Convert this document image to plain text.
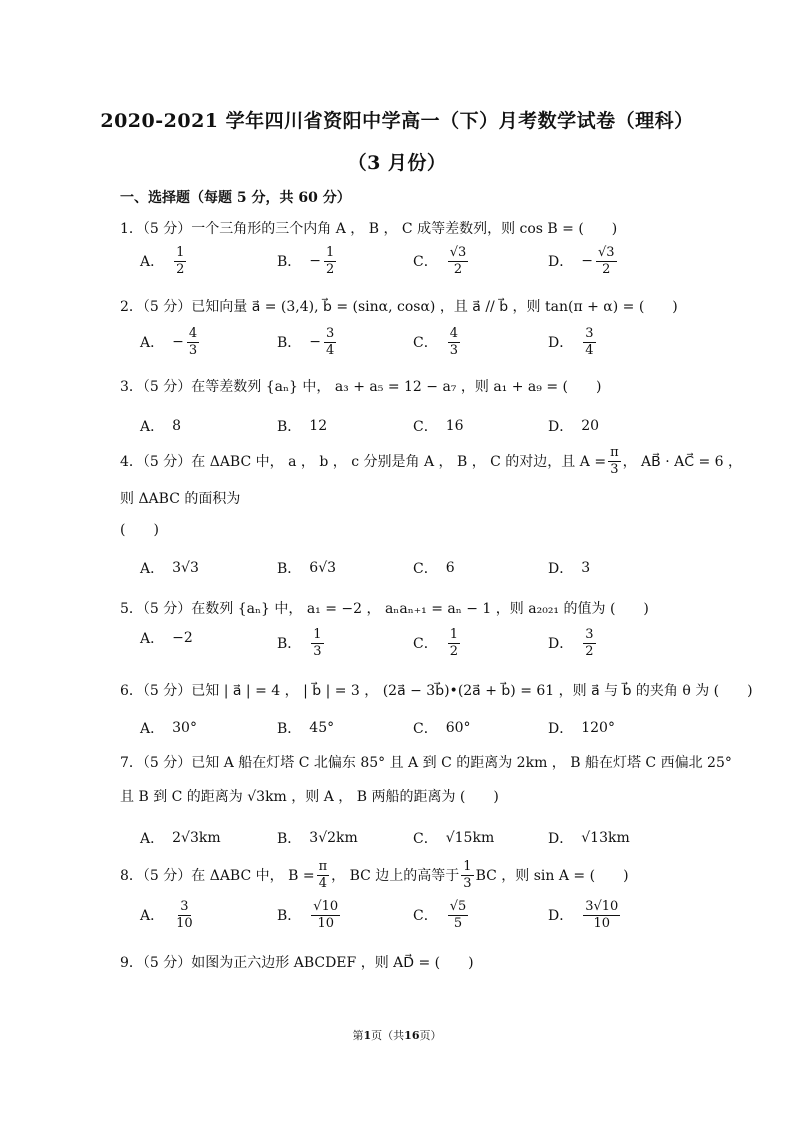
2020-2021 学年四川省资阳中学高一（下）月考数学试卷（理科）
（3 月份）
一、选择题（每题 5 分，共 60 分）
1．（5 分）一个三角形的三个内角 A ， B ， C 成等差数列，则 cos B = (　　)
A． $\frac{1}{2}$	B． − $\frac{1}{2}$	C． $\frac{√3}{2}$	D． − $\frac{√3}{2}$
2．（5 分）已知向量 a⃗ = (3,4), b⃗ = (sinα, cosα) ，且 a⃗ // b⃗ ，则 tan(π + α) = (　　)
A． − $\frac{4}{3}$	B． − $\frac{3}{4}$	C． $\frac{4}{3}$	D． $\frac{3}{4}$
3．（5 分）在等差数列 {aₙ} 中， a₃ + a₅ = 12 − a₇ ，则 a₁ + a₉ = (　　)
A． 8	B． 12	C． 16	D． 20
4．（5 分）在 ΔABC 中， a ， b ， c 分别是角 A ， B ， C 的对边，且 $A = \frac{\pi}{3}$ ， AB⃗ · AC⃗ = 6 ，
则 ΔABC 的面积为
(　　)
A． 3√3	B． 6√3	C． 6	D． 3
5．（5 分）在数列 {aₙ} 中， a₁ = −2 ， aₙaₙ₊₁ = aₙ − 1 ，则 a₂₀₂₁ 的值为 (　　)
A． −2	B． $\frac{1}{3}$	C． $\frac{1}{2}$	D． $\frac{3}{2}$
6．（5 分）已知 | a⃗ | = 4 ， | b⃗ | = 3 ， (2a⃗ − 3b⃗)•(2a⃗ + b⃗) = 61 ，则 a⃗ 与 b⃗ 的夹角 θ 为 (　　)
A． 30°	B． 45°	C． 60°	D． 120°
7．（5 分）已知 A 船在灯塔 C 北偏东 85° 且 A 到 C 的距离为 2km ， B 船在灯塔 C 西偏北 25°
且 B 到 C 的距离为 √3km ，则 A ， B 两船的距离为 (　　)
A． 2√3km	B． 3√2km	C． √15km	D． √13km
8．（5 分）在 ΔABC 中， $B = \frac{\pi}{4}$ ， BC 边上的高等于 $\frac{1}{3}$ BC ，则 sin A = (　　)
A． $\frac{3}{10}$	B． $\frac{√10}{10}$	C． $\frac{√5}{5}$	D． $\frac{3√10}{10}$
9．（5 分）如图为正六边形 ABCDEF ，则 AD⃗ = (　　)
第1页（共16页）
